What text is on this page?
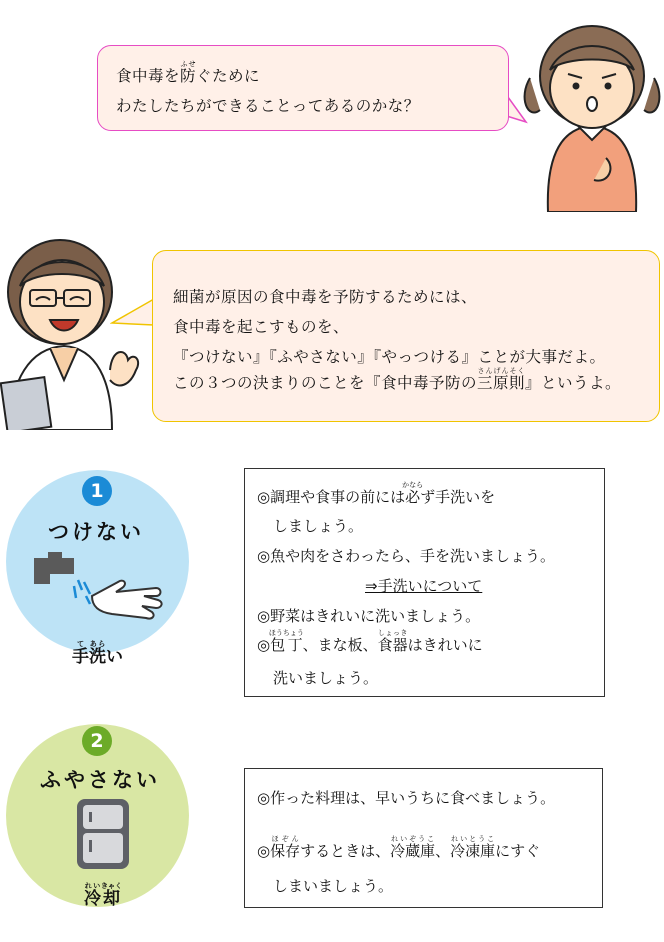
食中毒を防ふせぐために
わたしたちができることってあるのかな？
細菌が原因の食中毒を予防するためには、
食中毒を起こすものを、
『つけない』『ふやさない』『やっつける』ことが大事だよ。
この３つの決まりのことを『食中毒予防の三原則さんげんそく』というよ。
1
つけない
手て洗あらい
◎調理や食事の前には必かならず手洗いを
しましょう。
◎魚や肉をさわったら、手を洗いましょう。
⇒手洗いについて
◎野菜はきれいに洗いましょう。
◎包丁ほうちょう、まな板、食器しょっきはきれいに
洗いましょう。
2
ふやさない
冷れい却きゃく
◎作った料理は、早いうちに食べましょう。
◎保存ほぞんするときは、冷蔵庫れいぞうこ、冷凍庫れいとうこにすぐ
しまいましょう。
